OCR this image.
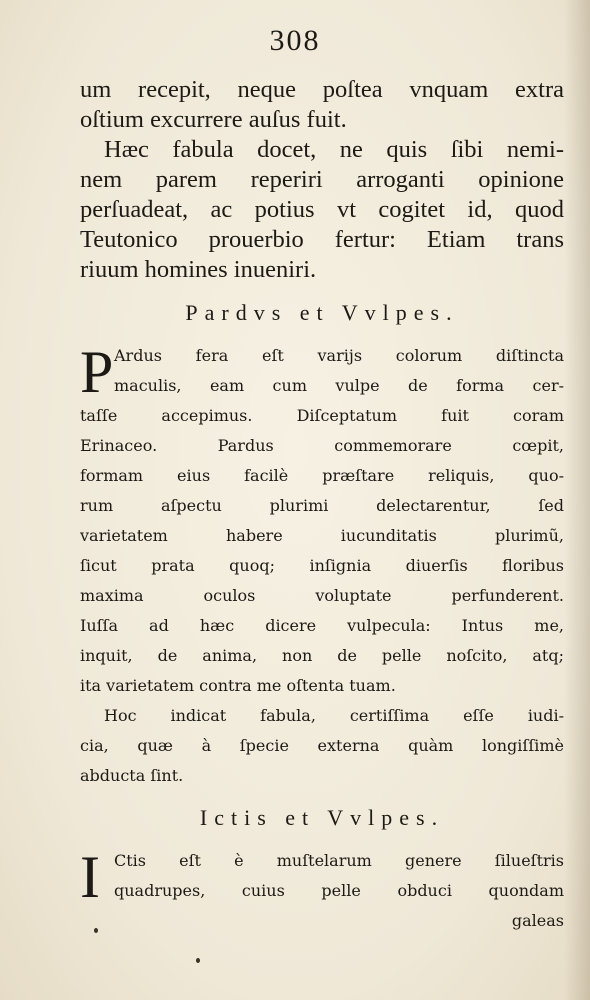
308
um recepit, neque poſtea vnquam extra
oſtium excurrere auſus fuit.
Hæc fabula docet, ne quis ſibi nemi-
nem parem reperiri arroganti opinione
perſuadeat, ac potius vt cogitet id, quod
Teutonico prouerbio fertur: Etiam trans
riuum homines inueniri.
Pardvs et Vvlpes.
P Ardus fera eſt varijs colorum diſtincta
maculis, eam cum vulpe de forma cer-
taſſe accepimus. Diſceptatum fuit coram
Erinaceo. Pardus commemorare cœpit,
formam eius facilè præſtare reliquis, quo-
rum aſpectu plurimi delectarentur, ſed
varietatem habere iucunditatis plurimũ,
ſicut prata quoq; inſignia diuerſis floribus
maxima oculos voluptate perfunderent.
Iuſſa ad hæc dicere vulpecula: Intus me,
inquit, de anima, non de pelle noſcito, atq;
ita varietatem contra me oſtenta tuam.
Hoc indicat fabula, certiſſima eſſe iudi-
cia, quæ à ſpecie externa quàm longiſſimè
abducta ſint.
Ictis et Vvlpes.
I Ctis eſt è muſtelarum genere ſilueſtris
quadrupes, cuius pelle obduci quondam
galeas
